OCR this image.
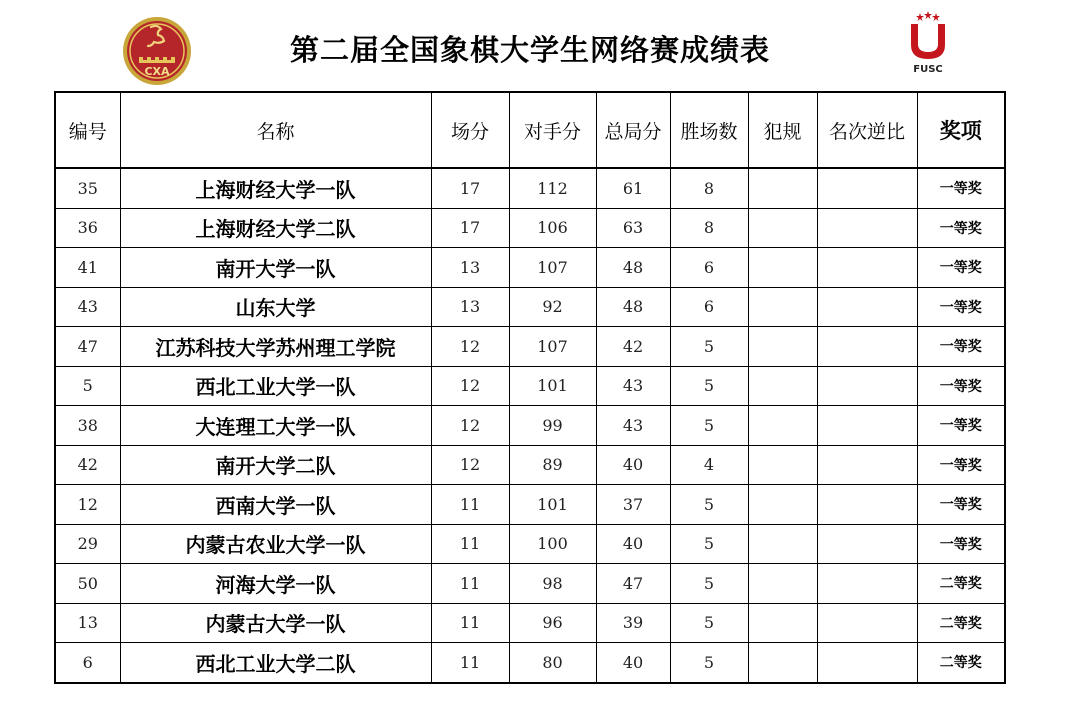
CXA
第二届全国象棋大学生网络赛成绩表
FUSC
编号	名称	场分	对手分	总局分	胜场数	犯规	名次逆比	奖项
35	上海财经大学一队	17	112	61	8			一等奖
36	上海财经大学二队	17	106	63	8			一等奖
41	南开大学一队	13	107	48	6			一等奖
43	山东大学	13	92	48	6			一等奖
47	江苏科技大学苏州理工学院	12	107	42	5			一等奖
5	西北工业大学一队	12	101	43	5			一等奖
38	大连理工大学一队	12	99	43	5			一等奖
42	南开大学二队	12	89	40	4			一等奖
12	西南大学一队	11	101	37	5			一等奖
29	内蒙古农业大学一队	11	100	40	5			一等奖
50	河海大学一队	11	98	47	5			二等奖
13	内蒙古大学一队	11	96	39	5			二等奖
6	西北工业大学二队	11	80	40	5			二等奖
